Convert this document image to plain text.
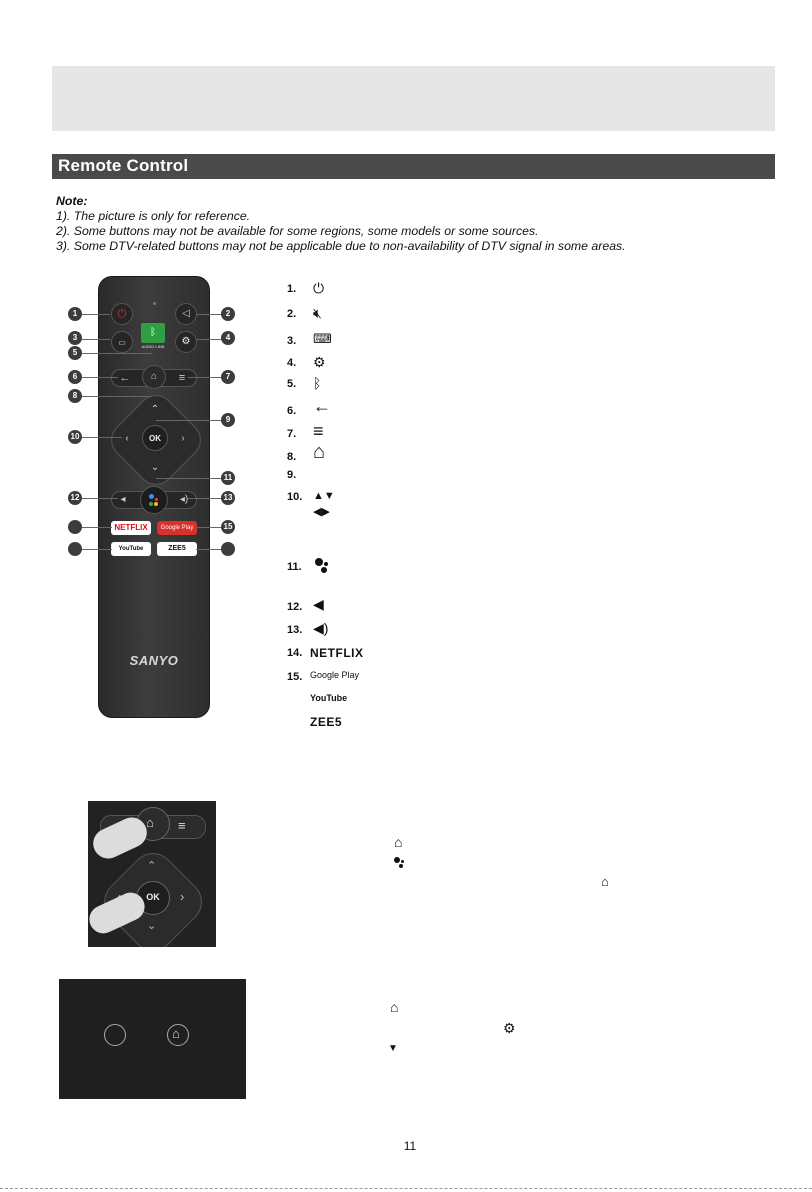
Remote Control
Note:
1). The picture is only for reference.
2). Some buttons may not be available for some regions, some models or some sources.
3). Some DTV-related buttons may not be applicable due to non-availability of DTV signal in some areas.
⏻	◁
▭
ᛒ
AUDIO LINK	⚙
← ⌂ ≡
⌃
⌄
‹	›
OK
◂	◂)
NETFLIX	Google Play
YouTube	ZEE5
SANYO
1	2
3	4
5
6	7
8
9
10
11
12	13
15
1. ⏻
2. 🔇︎
3. ⌨
4. ⚙
5. ᛒ
6. ←
7. ≡
8. ⌂
9.
10. ▲▼
◀▶
11.
12. ◀
13. ◀)
14. NETFLIX
15. Google Play
YouTube
ZEE5
⌂ ≡
⌃
›
⌄
OK
⌂
⌂
⌂
⌂
⚙
▼
11
